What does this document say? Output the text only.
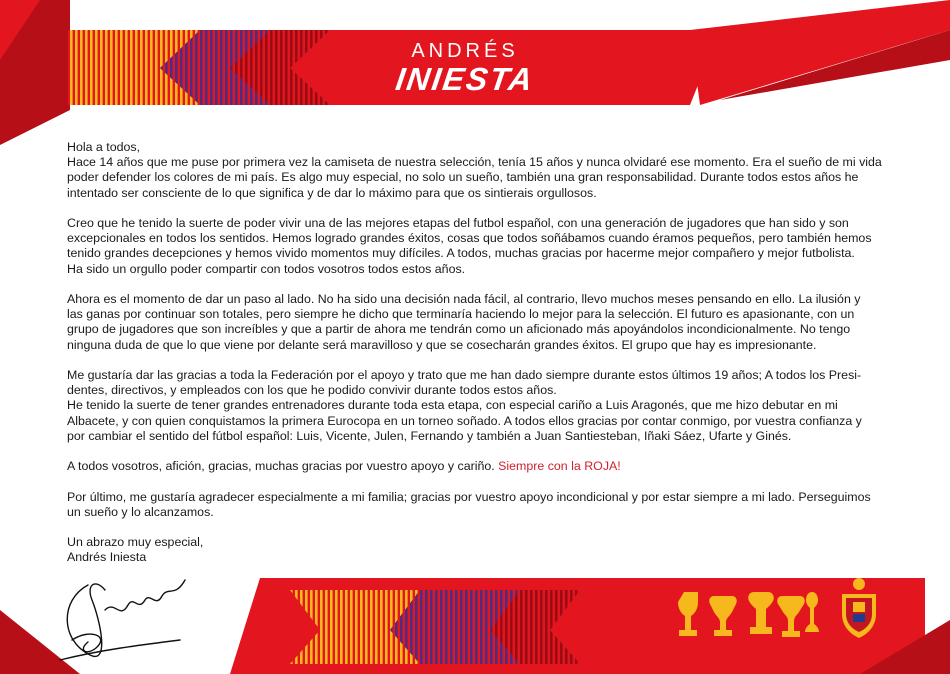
ANDRÉS
INIESTA

Hola a todos,
Hace 14 años que me puse por primera vez la camiseta de nuestra selección, tenía 15 años y nunca olvidaré ese momento. Era el sueño de mi vida
poder defender los colores de mi país. Es algo muy especial, no solo un sueño, también una gran responsabilidad. Durante todos estos años he
intentado ser consciente de lo que significa y de dar lo máximo para que os sintierais orgullosos.

Creo que he tenido la suerte de poder vivir una de las mejores etapas del futbol español, con una generación de jugadores que han sido y son
excepcionales en todos los sentidos. Hemos logrado grandes éxitos, cosas que todos soñábamos cuando éramos pequeños, pero también hemos
tenido grandes decepciones y hemos vivido momentos muy difíciles. A todos, muchas gracias por hacerme mejor compañero y mejor futbolista.
Ha sido un orgullo poder compartir con todos vosotros todos estos años.

Ahora es el momento de dar un paso al lado. No ha sido una decisión nada fácil, al contrario, llevo muchos meses pensando en ello. La ilusión y
las ganas por continuar son totales, pero siempre he dicho que terminaría haciendo lo mejor para la selección. El futuro es apasionante, con un
grupo de jugadores que son increíbles y que a partir de ahora me tendrán como un aficionado más apoyándolos incondicionalmente. No tengo
ninguna duda de que lo que viene por delante será maravilloso y que se cosecharán grandes éxitos. El grupo que hay es impresionante.

Me gustaría dar las gracias a toda la Federación por el apoyo y trato que me han dado siempre durante estos últimos 19 años; A todos los Presi-
dentes, directivos, y empleados con los que he podido convivir durante todos estos años.
He tenido la suerte de tener grandes entrenadores durante toda esta etapa, con especial cariño a Luis Aragonés, que me hizo debutar en mi
Albacete, y con quien conquistamos la primera Eurocopa en un torneo soñado. A todos ellos gracias por contar conmigo, por vuestra confianza y
por cambiar el sentido del fútbol español: Luis, Vicente, Julen, Fernando y también a Juan Santiesteban, Iñaki Sáez, Ufarte y Ginés.

A todos vosotros, afición, gracias, muchas gracias por vuestro apoyo y cariño. Siempre con la ROJA!

Por último, me gustaría agradecer especialmente a mi familia; gracias por vuestro apoyo incondicional y por estar siempre a mi lado. Perseguimos
un sueño y lo alcanzamos.

Un abrazo muy especial,
Andrés Iniesta
